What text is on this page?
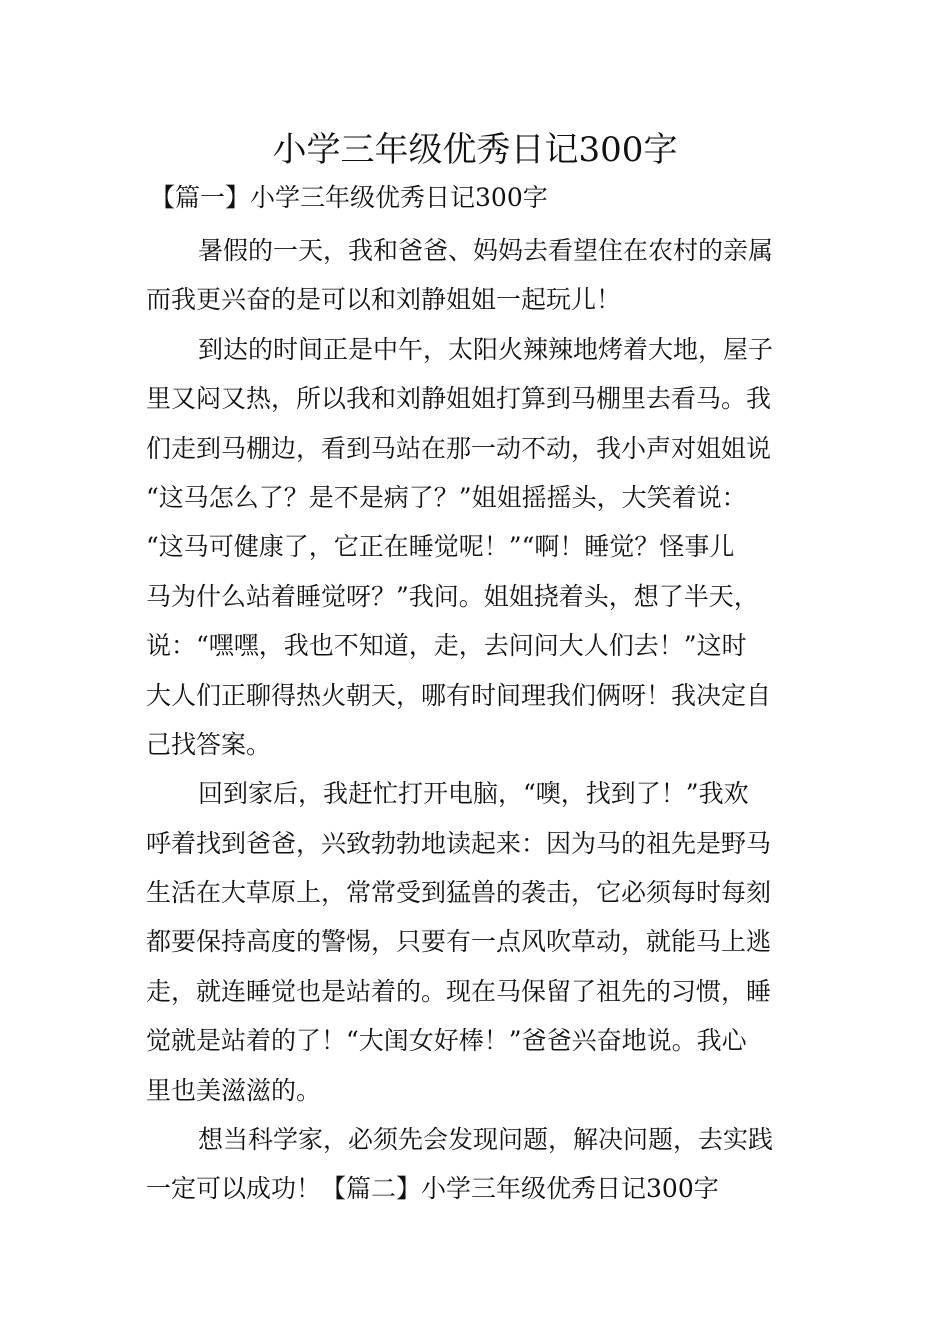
小学三年级优秀日记300字

【篇一】小学三年级优秀日记300字

暑假的一天，我和爸爸、妈妈去看望住在农村的亲属

而我更兴奋的是可以和刘静姐姐一起玩儿！

到达的时间正是中午，太阳火辣辣地烤着大地，屋子

里又闷又热，所以我和刘静姐姐打算到马棚里去看马。我

们走到马棚边，看到马站在那一动不动，我小声对姐姐说

“这马怎么了？是不是病了？”姐姐摇摇头，大笑着说：

“这马可健康了，它正在睡觉呢！”“啊！睡觉？怪事儿

马为什么站着睡觉呀？”我问。姐姐挠着头，想了半天，

说：“嘿嘿，我也不知道，走，去问问大人们去！”这时

大人们正聊得热火朝天，哪有时间理我们俩呀！我决定自

己找答案。

回到家后，我赶忙打开电脑，“噢，找到了！”我欢

呼着找到爸爸，兴致勃勃地读起来：因为马的祖先是野马

生活在大草原上，常常受到猛兽的袭击，它必须每时每刻

都要保持高度的警惕，只要有一点风吹草动，就能马上逃

走，就连睡觉也是站着的。现在马保留了祖先的习惯，睡

觉就是站着的了！“大闺女好棒！”爸爸兴奋地说。我心

里也美滋滋的。

想当科学家，必须先会发现问题，解决问题，去实践

一定可以成功！【篇二】小学三年级优秀日记300字
